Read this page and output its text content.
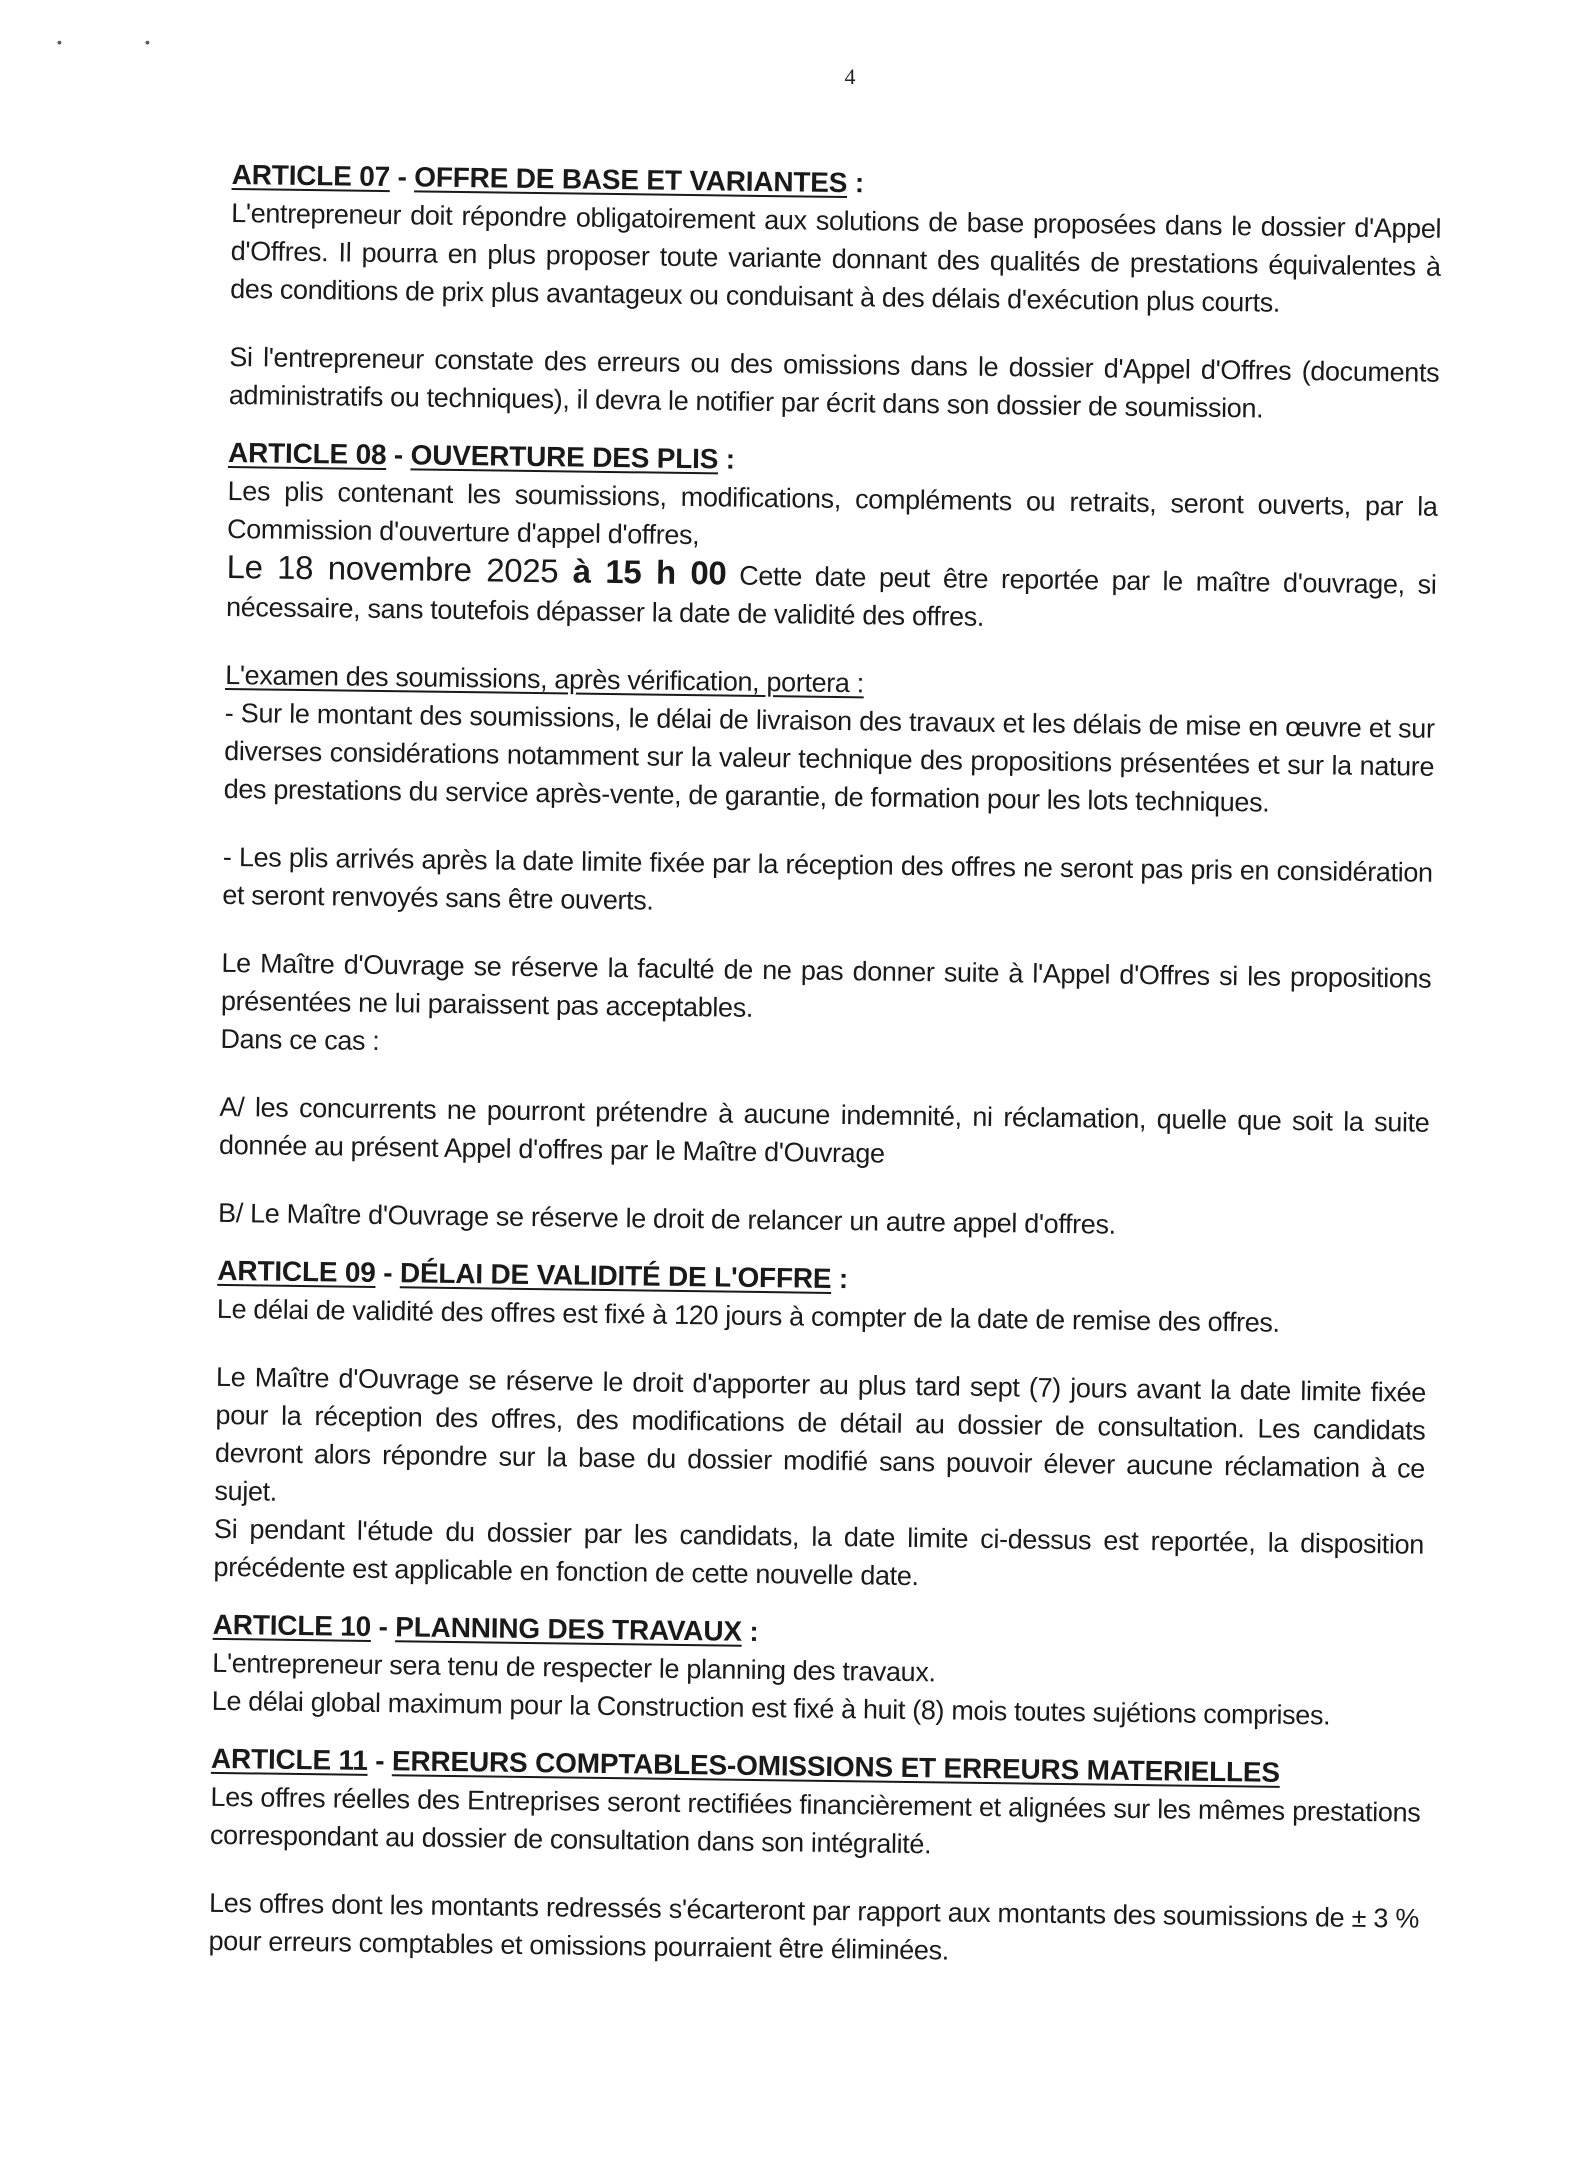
•	•
4
ARTICLE 07 - OFFRE DE BASE ET VARIANTES :

L'entrepreneur doit répondre obligatoirement aux solutions de base proposées dans le dossier d'Appel d'Offres. Il pourra en plus proposer toute variante donnant des qualités de prestations équivalentes à des conditions de prix plus avantageux ou conduisant à des délais d'exécution plus courts.

Si l'entrepreneur constate des erreurs ou des omissions dans le dossier d'Appel d'Offres (documents administratifs ou techniques), il devra le notifier par écrit dans son dossier de soumission.

ARTICLE 08 - OUVERTURE DES PLIS :

Les plis contenant les soumissions, modifications, compléments ou retraits, seront ouverts, par la Commission d'ouverture d'appel d'offres,

Le 18 novembre 2025 à 15 h 00 Cette date peut être reportée par le maître d'ouvrage, si nécessaire, sans toutefois dépasser la date de validité des offres.

L'examen des soumissions, après vérification, portera :

- Sur le montant des soumissions, le délai de livraison des travaux et les délais de mise en œuvre et sur diverses considérations notamment sur la valeur technique des propositions présentées et sur la nature des prestations du service après-vente, de garantie, de formation pour les lots techniques.

- Les plis arrivés après la date limite fixée par la réception des offres ne seront pas pris en considération et seront renvoyés sans être ouverts.

Le Maître d'Ouvrage se réserve la faculté de ne pas donner suite à l'Appel d'Offres si les propositions présentées ne lui paraissent pas acceptables.

Dans ce cas :

A/ les concurrents ne pourront prétendre à aucune indemnité, ni réclamation, quelle que soit la suite donnée au présent Appel d'offres par le Maître d'Ouvrage

B/ Le Maître d'Ouvrage se réserve le droit de relancer un autre appel d'offres.

ARTICLE 09 - DÉLAI DE VALIDITÉ DE L'OFFRE :

Le délai de validité des offres est fixé à 120 jours à compter de la date de remise des offres.

Le Maître d'Ouvrage se réserve le droit d'apporter au plus tard sept (7) jours avant la date limite fixée pour la réception des offres, des modifications de détail au dossier de consultation. Les candidats devront alors répondre sur la base du dossier modifié sans pouvoir élever aucune réclamation à ce sujet.

Si pendant l'étude du dossier par les candidats, la date limite ci-dessus est reportée, la disposition précédente est applicable en fonction de cette nouvelle date.

ARTICLE 10 - PLANNING DES TRAVAUX :

L'entrepreneur sera tenu de respecter le planning des travaux.

Le délai global maximum pour la Construction est fixé à huit (8) mois toutes sujétions comprises.

ARTICLE 11 - ERREURS COMPTABLES-OMISSIONS ET ERREURS MATERIELLES

Les offres réelles des Entreprises seront rectifiées financièrement et alignées sur les mêmes prestations correspondant au dossier de consultation dans son intégralité.

Les offres dont les montants redressés s'écarteront par rapport aux montants des soumissions de ± 3 % pour erreurs comptables et omissions pourraient être éliminées.
